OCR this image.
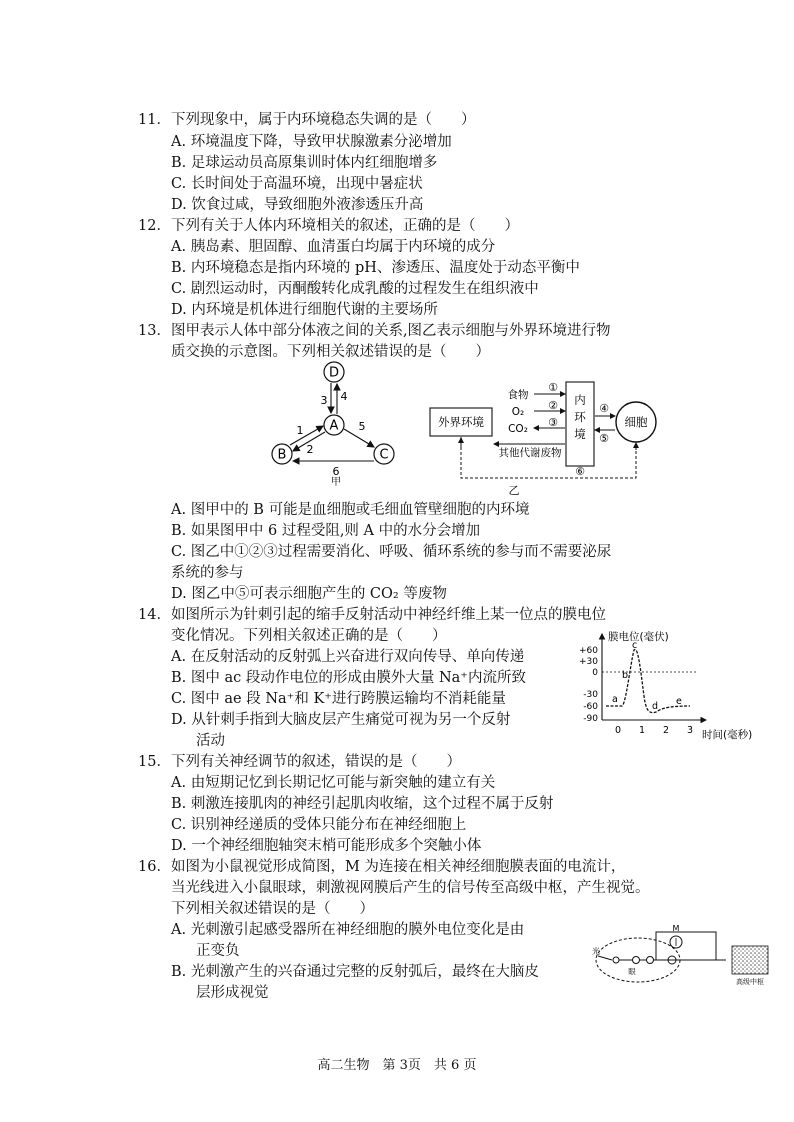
11．下列现象中，属于内环境稳态失调的是（　　）
A. 环境温度下降，导致甲状腺激素分泌增加
B. 足球运动员高原集训时体内红细胞增多
C. 长时间处于高温环境，出现中暑症状
D. 饮食过咸，导致细胞外液渗透压升高
12．下列有关于人体内环境相关的叙述，正确的是（　　）
A. 胰岛素、胆固醇、血清蛋白均属于内环境的成分
B. 内环境稳态是指内环境的 pH、渗透压、温度处于动态平衡中
C. 剧烈运动时，丙酮酸转化成乳酸的过程发生在组织液中
D. 内环境是机体进行细胞代谢的主要场所
13．图甲表示人体中部分体液之间的关系,图乙表示细胞与外界环境进行物
质交换的示意图。下列相关叙述错误的是（　　）
D
A
B	C
3 4
1
2
5
6
甲
外界环境
内
环
境
细胞
食物
O₂
CO₂
①
②
③
其他代谢废物
④
⑤
⑥
乙
A. 图甲中的 B 可能是血细胞或毛细血管壁细胞的内环境
B. 如果图甲中 6 过程受阻,则 A 中的水分会增加
C. 图乙中①②③过程需要消化、呼吸、循环系统的参与而不需要泌尿
系统的参与
D. 图乙中⑤可表示细胞产生的 CO₂ 等废物
14．如图所示为针刺引起的缩手反射活动中神经纤维上某一位点的膜电位
变化情况。下列相关叙述正确的是（　　）
A. 在反射活动的反射弧上兴奋进行双向传导、单向传递
B. 图中 ac 段动作电位的形成由膜外大量 Na⁺内流所致
C. 图中 ae 段 Na⁺和 K⁺进行跨膜运输均不消耗能量
D. 从针刺手指到大脑皮层产生痛觉可视为另一个反射
活动
膜电位(毫伏)
时间(毫秒)
+60
+30
0
-30
-60
-90
0 1 2 3
a
b
c
d e
15．下列有关神经调节的叙述，错误的是（　　）
A. 由短期记忆到长期记忆可能与新突触的建立有关
B. 刺激连接肌肉的神经引起肌肉收缩，这个过程不属于反射
C. 识别神经递质的受体只能分布在神经细胞上
D. 一个神经细胞轴突末梢可能形成多个突触小体
16．如图为小鼠视觉形成简图，M 为连接在相关神经细胞膜表面的电流计，
当光线进入小鼠眼球，刺激视网膜后产生的信号传至高级中枢，产生视觉。
下列相关叙述错误的是（　　）
A. 光刺激引起感受器所在神经细胞的膜外电位变化是由
正变负
B. 光刺激产生的兴奋通过完整的反射弧后，最终在大脑皮
层形成视觉
光
眼
M
高级中枢
高二生物　第 3页　共 6 页
